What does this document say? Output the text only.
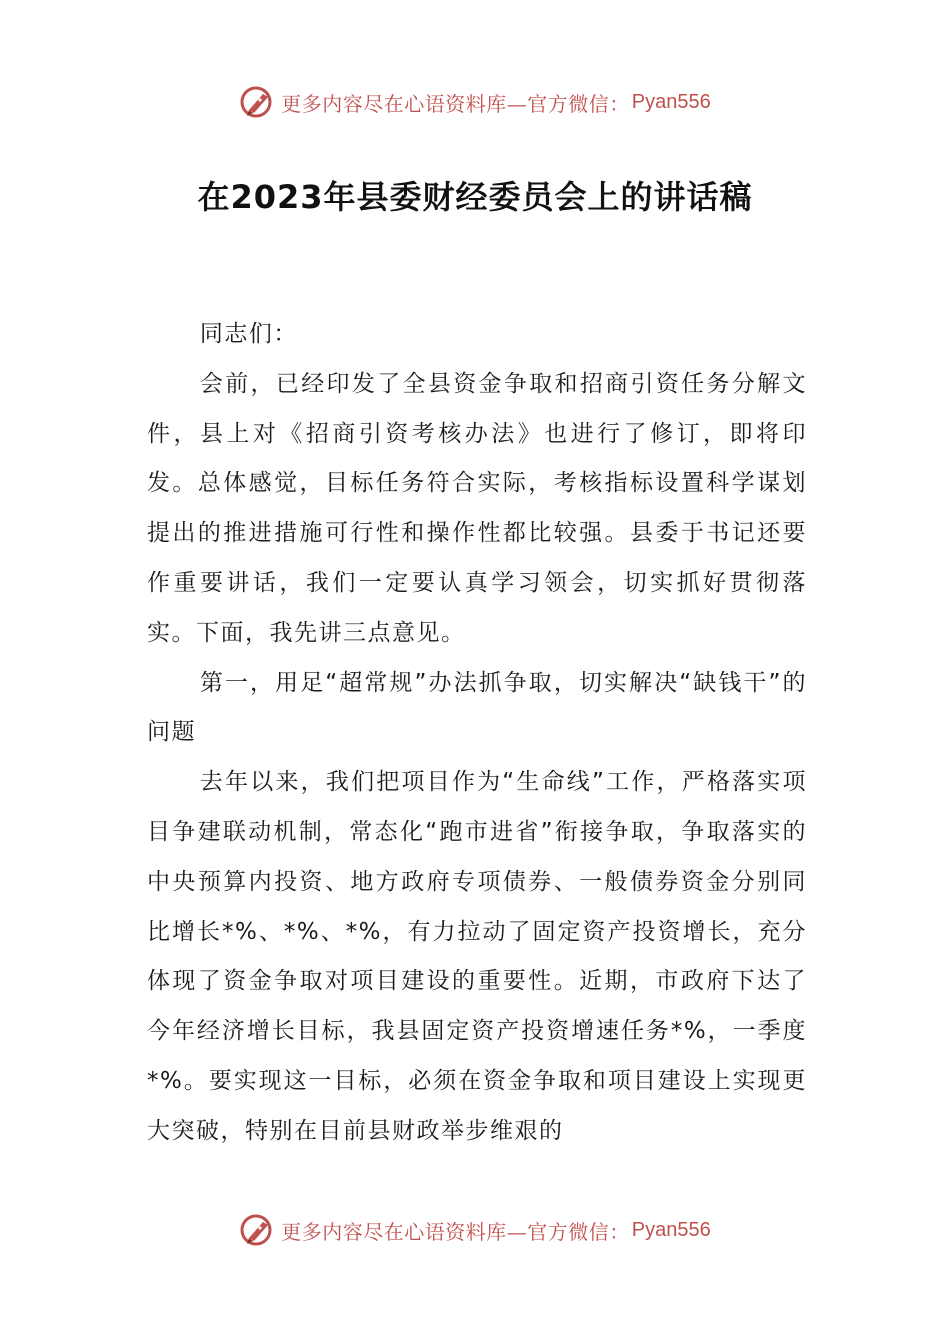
更多内容尽在心语资料库—官方微信： Pyan556
在2023年县委财经委员会上的讲话稿

同志们：

会前，已经印发了全县资金争取和招商引资任务分解文件，县上对《招商引资考核办法》也进行了修订，即将印发。总体感觉，目标任务符合实际，考核指标设置科学谋划提出的推进措施可行性和操作性都比较强。县委于书记还要作重要讲话，我们一定要认真学习领会，切实抓好贯彻落实。下面，我先讲三点意见。

第一，用足“超常规”办法抓争取，切实解决“缺钱干”的问题

去年以来，我们把项目作为“生命线”工作，严格落实项目争建联动机制，常态化“跑市进省”衔接争取，争取落实的中央预算内投资、地方政府专项债券、一般债券资金分别同比增长*%、*%、*%，有力拉动了固定资产投资增长，充分体现了资金争取对项目建设的重要性。近期，市政府下达了今年经济增长目标，我县固定资产投资增速任务*%，一季度*%。要实现这一目标，必须在资金争取和项目建设上实现更大突破，特别在目前县财政举步维艰的

更多内容尽在心语资料库—官方微信： Pyan556
